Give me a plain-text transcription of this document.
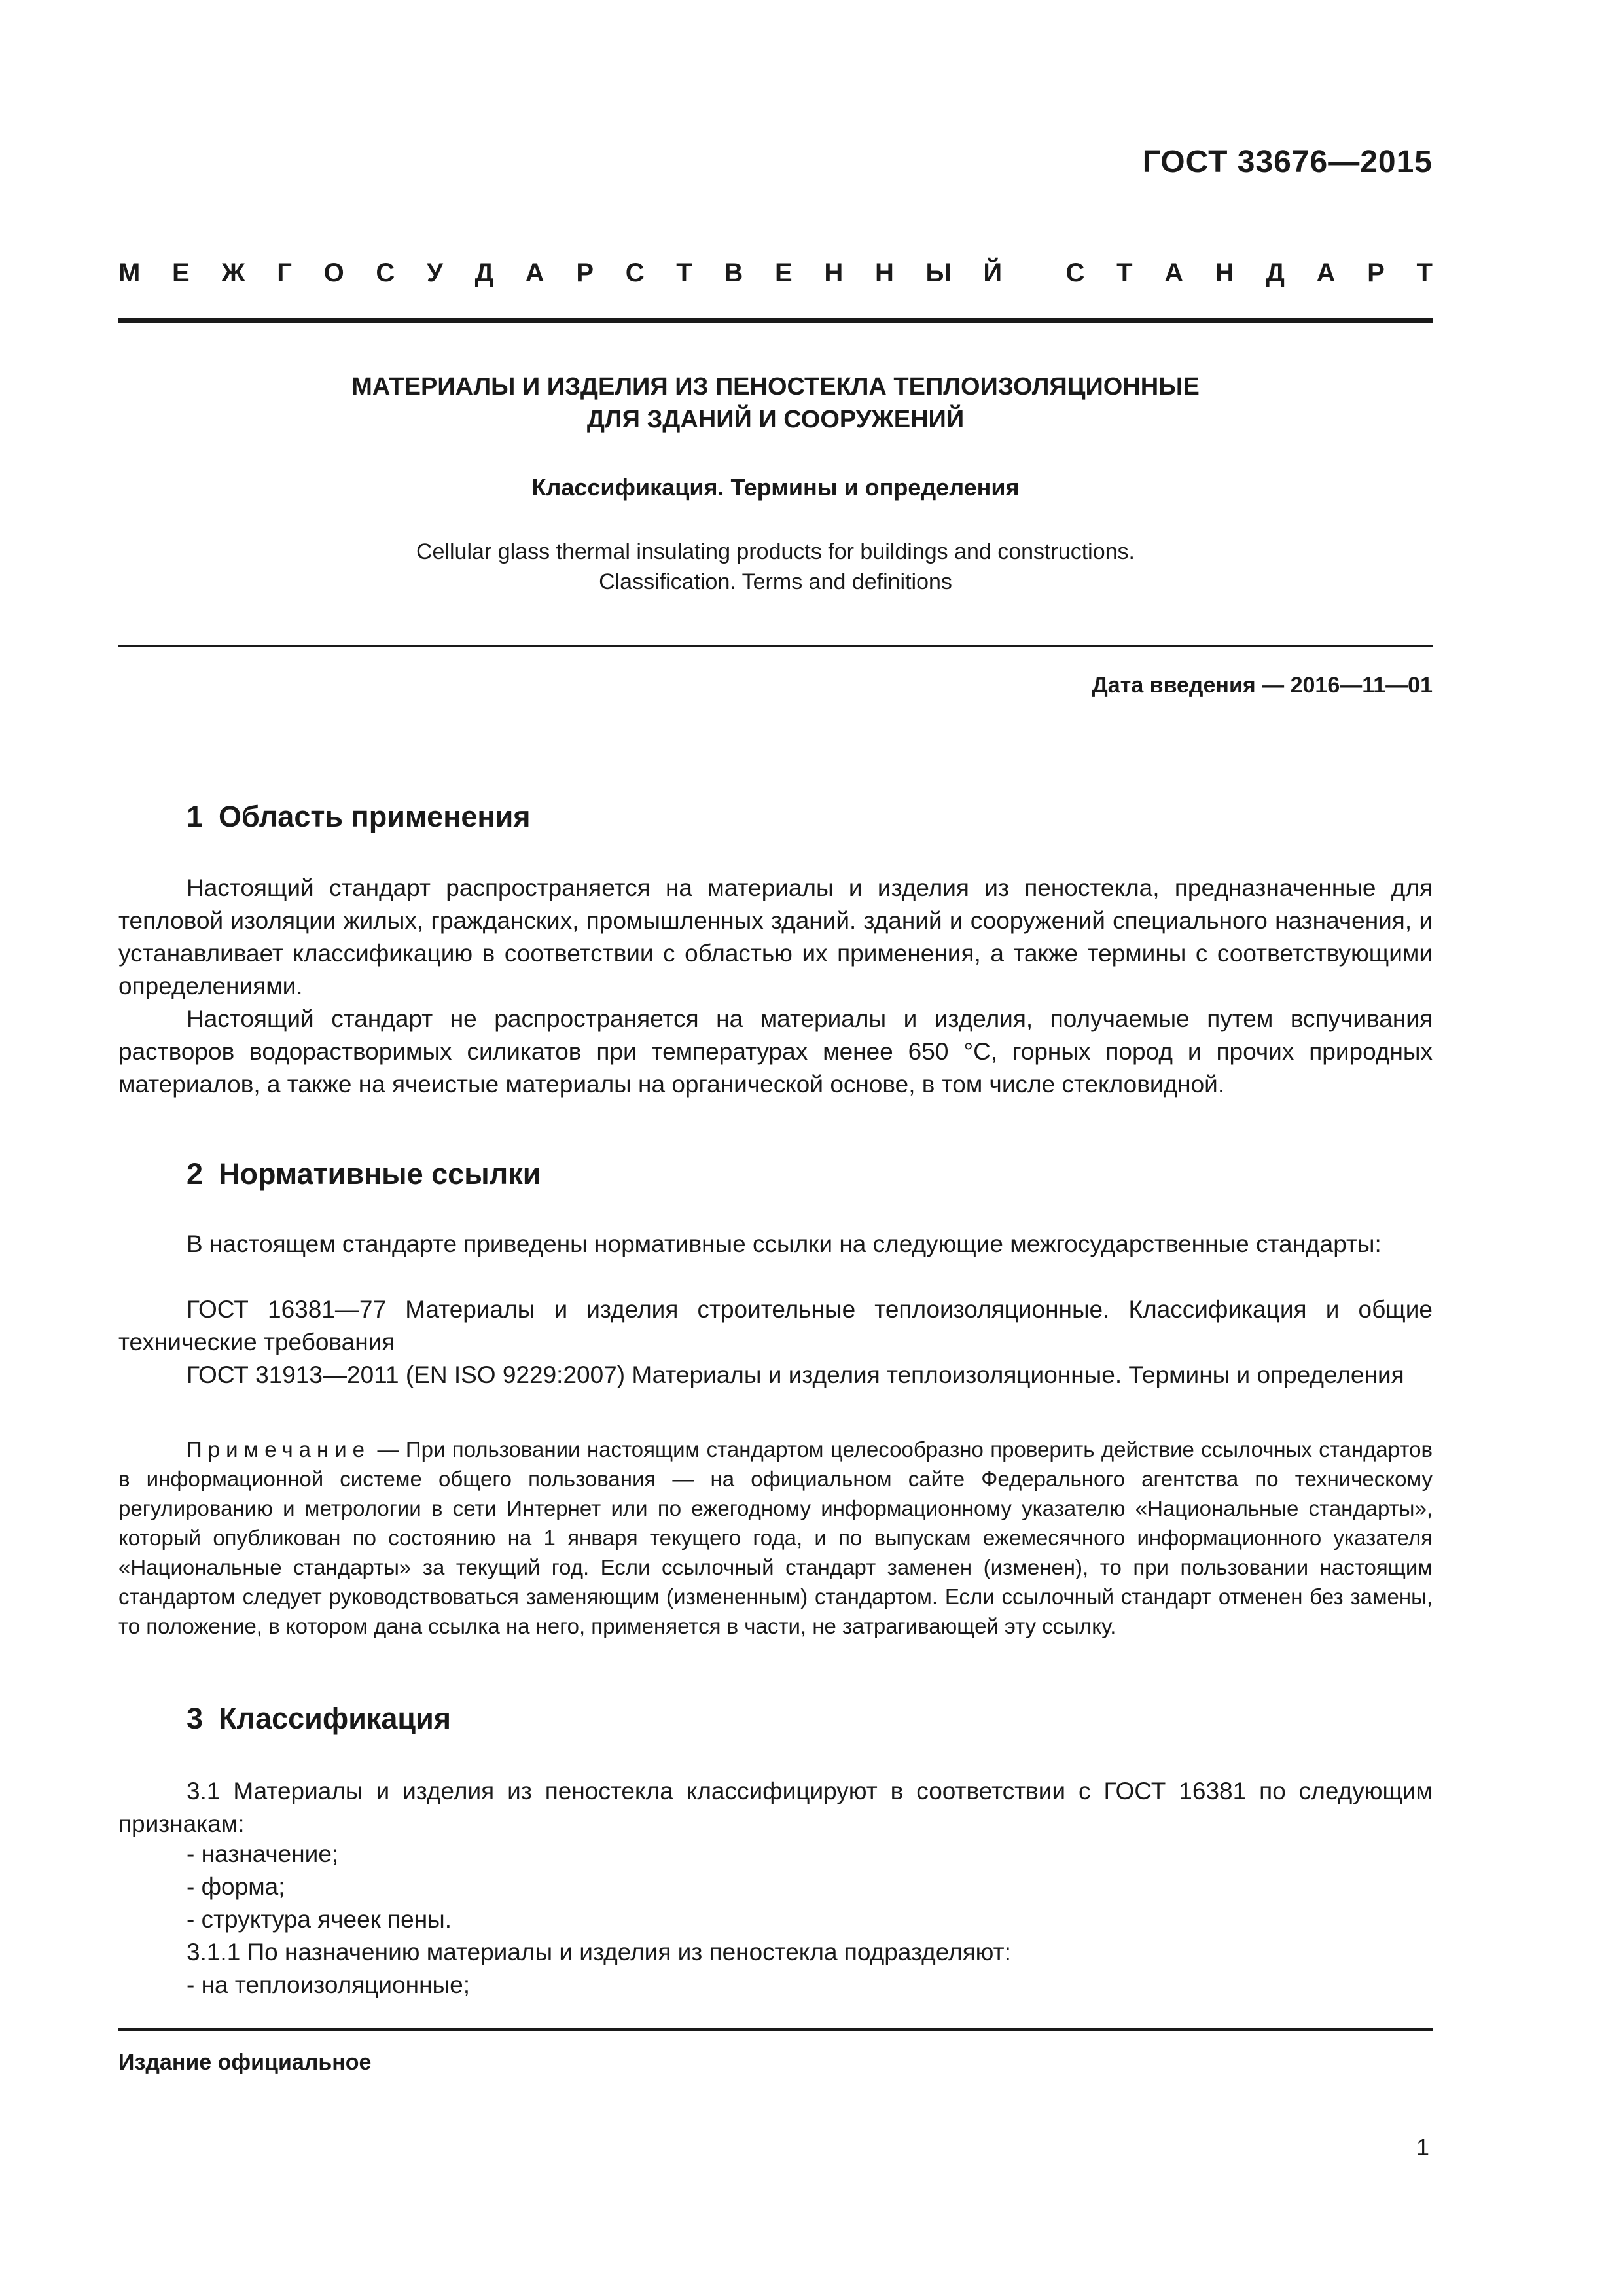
ГОСТ 33676—2015
М Е Ж Г О С У Д А Р С Т В Е Н Н Ы Й С Т А Н Д А Р Т
МАТЕРИАЛЫ И ИЗДЕЛИЯ ИЗ ПЕНОСТЕКЛА ТЕПЛОИЗОЛЯЦИОННЫЕ
ДЛЯ ЗДАНИЙ И СООРУЖЕНИЙ
Классификация. Термины и определения
Cellular glass thermal insulating products for buildings and constructions.
Classification. Terms and definitions
Дата введения — 2016—11—01
1 Область применения

Настоящий стандарт распространяется на материалы и изделия из пеностекла, предназначенные для тепловой изоляции жилых, гражданских, промышленных зданий. зданий и сооружений специального назначения, и устанавливает классификацию в соответствии с областью их применения, а также термины с соответствующими определениями.

Настоящий стандарт не распространяется на материалы и изделия, получаемые путем вспучивания растворов водорастворимых силикатов при температурах менее 650 °С, горных пород и прочих природных материалов, а также на ячеистые материалы на органической основе, в том числе стекловидной.

2 Нормативные ссылки

В настоящем стандарте приведены нормативные ссылки на следующие межгосударственные стандарты:

ГОСТ 16381—77 Материалы и изделия строительные теплоизоляционные. Классификация и общие технические требования

ГОСТ 31913—2011 (EN ISO 9229:2007) Материалы и изделия теплоизоляционные. Термины и определения

Примечание — При пользовании настоящим стандартом целесообразно проверить действие ссылочных стандартов в информационной системе общего пользования — на официальном сайте Федерального агентства по техническому регулированию и метрологии в сети Интернет или по ежегодному информационному указателю «Национальные стандарты», который опубликован по состоянию на 1 января текущего года, и по выпускам ежемесячного информационного указателя «Национальные стандарты» за текущий год. Если ссылочный стандарт заменен (изменен), то при пользовании настоящим стандартом следует руководствоваться заменяющим (измененным) стандартом. Если ссылочный стандарт отменен без замены, то положение, в котором дана ссылка на него, применяется в части, не затрагивающей эту ссылку.

3 Классификация

3.1 Материалы и изделия из пеностекла классифицируют в соответствии с ГОСТ 16381 по следующим признакам:

- назначение;
- форма;
- структура ячеек пены.
3.1.1 По назначению материалы и изделия из пеностекла подразделяют:
- на теплоизоляционные;
Издание официальное
1
